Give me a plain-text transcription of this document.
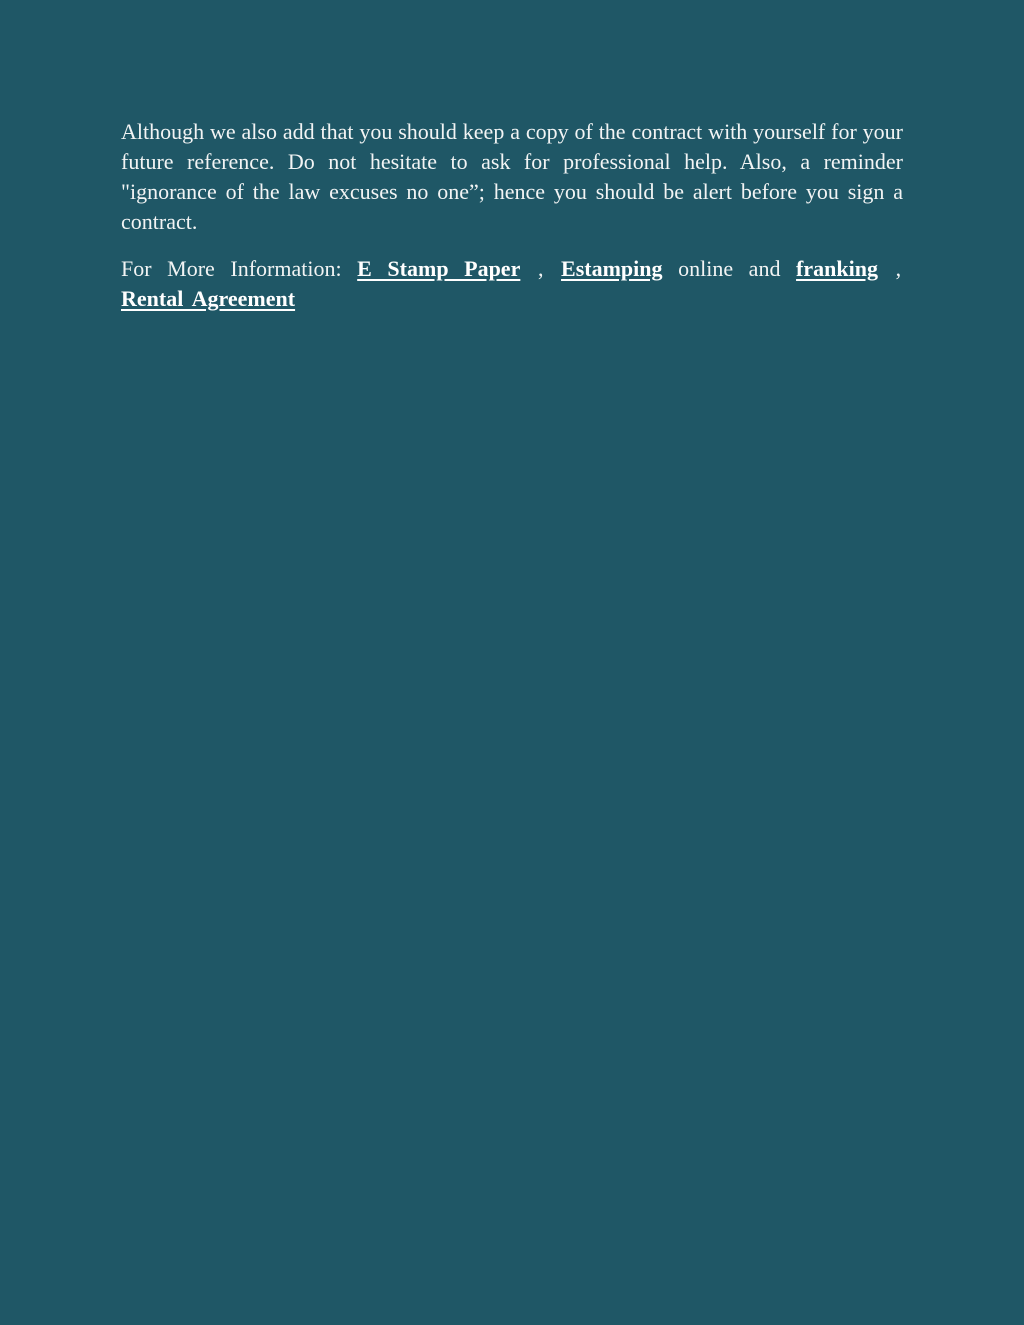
Although we also add that you should keep a copy of the contract with yourself for your future reference. Do not hesitate to ask for professional help. Also, a reminder "ignorance of the law excuses no one”; hence you should be alert before you sign a contract.

For More Information: E Stamp Paper , Estamping online and franking , Rental Agreement
